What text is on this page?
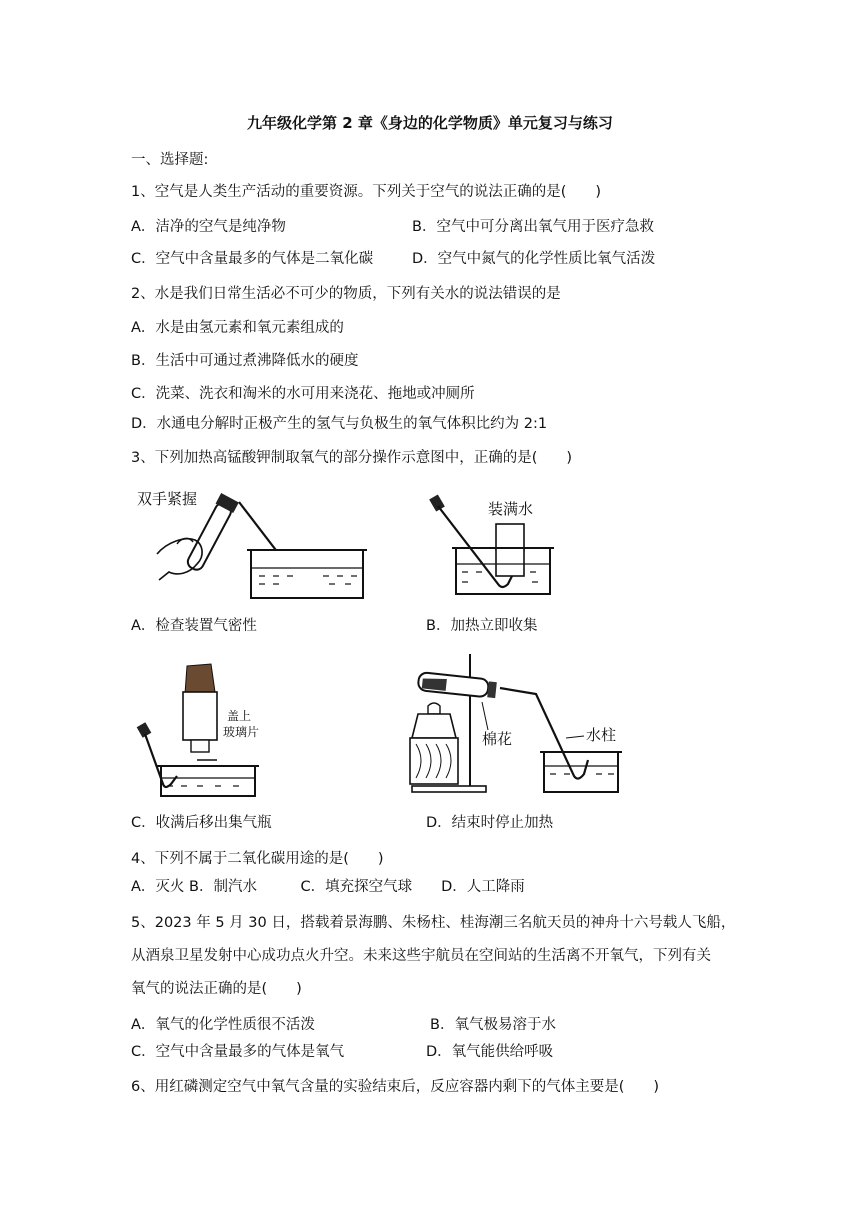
九年级化学第 2 章《身边的化学物质》单元复习与练习
一、选择题:
1、空气是人类生产活动的重要资源。下列关于空气的说法正确的是(　　)
A．洁净的空气是纯净物	B．空气中可分离出氧气用于医疗急救
C．空气中含量最多的气体是二氧化碳	D．空气中氮气的化学性质比氧气活泼
2、水是我们日常生活必不可少的物质，下列有关水的说法错误的是
A．水是由氢元素和氧元素组成的
B．生活中可通过煮沸降低水的硬度
C．洗菜、洗衣和淘米的水可用来浇花、拖地或冲厕所
D．水通电分解时正极产生的氢气与负极生的氧气体积比约为 2:1
3、下列加热高锰酸钾制取氧气的部分操作示意图中，正确的是(　　)
双手紧握
装满水
A．检查装置气密性	B．加热立即收集
盖上
玻璃片	棉花	水柱
C．收满后移出集气瓶	D．结束时停止加热
4、下列不属于二氧化碳用途的是(　　)
A．灭火 B．制汽水　　　C．填充探空气球　　D．人工降雨
5、2023 年 5 月 30 日，搭载着景海鹏、朱杨柱、桂海潮三名航天员的神舟十六号载人飞船，
从酒泉卫星发射中心成功点火升空。未来这些宇航员在空间站的生活离不开氧气，下列有关
氧气的说法正确的是(　　)
A．氧气的化学性质很不活泼	B．氧气极易溶于水
C．空气中含量最多的气体是氧气	D．氧气能供给呼吸
6、用红磷测定空气中氧气含量的实验结束后，反应容器内剩下的气体主要是(　　)
